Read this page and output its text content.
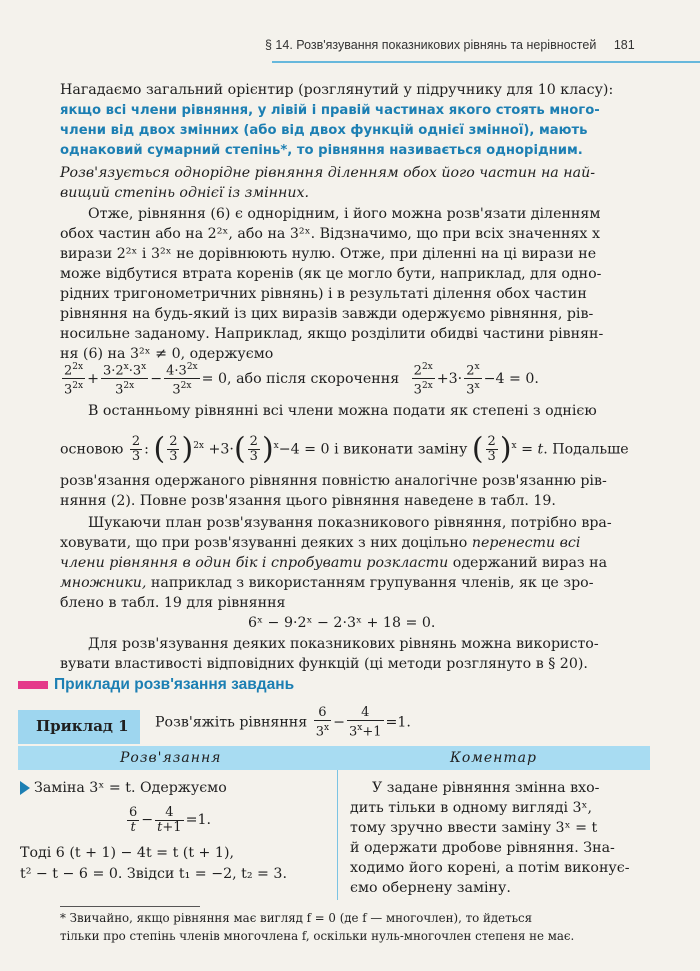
§ 14. Розв'язування показникових рівнянь та нерівностей 181
Нагадаємо загальний орієнтир (розглянутий у підручнику для 10 класу):
якщо всі члени рівняння, у лівій і правій частинах якого стоять много-
члени від двох змінних (або від двох функцій однієї змінної), мають
однаковий сумарний степінь*, то рівняння називається однорідним.
Розв'язується однорідне рівняння діленням обох його частин на най-
вищий степінь однієї із змінних.
Отже, рівняння (6) є однорідним, і його можна розв'язати діленням
обох частин або на 2²ˣ, або на 3²ˣ. Відзначимо, що при всіх значеннях x
вирази 2²ˣ і 3²ˣ не дорівнюють нулю. Отже, при діленні на ці вирази не
може відбутися втрата коренів (як це могло бути, наприклад, для одно-
рідних тригонометричних рівнянь) і в результаті ділення обох частин
рівняння на будь-який із цих виразів завжди одержуємо рівняння, рів-
носильне заданому. Наприклад, якщо розділити обидві частини рівнян-
ня (6) на 3²ˣ ≠ 0, одержуємо
$\frac{2^{2x}}{3^{2x}} + \frac{3\cdot 2^x\cdot 3^x}{3^{2x}} - \frac{4\cdot 3^{2x}}{3^{2x}} = 0$, або після скорочення $\frac{2^{2x}}{3^{2x}} +3\cdot \frac{2^x}{3^x} -4 = 0$.
В останньому рівнянні всі члени можна подати як степені з однією
основою $\frac{2}{3}$ : ( $\frac{2}{3} )^{2x} +3\cdot( \frac{2}{3} )^x-4 = 0$ і виконати заміну ( $\frac{2}{3} )^x = t$. Подальше
розв'язання одержаного рівняння повністю аналогічне розв'язанню рів-
няння (2). Повне розв'язання цього рівняння наведене в табл. 19.
Шукаючи план розв'язування показникового рівняння, потрібно вра-
ховувати, що при розв'язуванні деяких з них доцільно перенести всі
члени рівняння в один бік і спробувати розкласти одержаний вираз на
множники, наприклад з використанням групування членів, як це зро-
блено в табл. 19 для рівняння
6ˣ − 9·2ˣ − 2·3ˣ + 18 = 0.
Для розв'язування деяких показникових рівнянь можна використо-
вувати властивості відповідних функцій (ці методи розглянуто в § 20).
Приклади розв'язання завдань
Приклад 1 Розв'яжіть рівняння $\frac{6}{3^x} - \frac{4}{3^x+1} =1$.
Розв'язання	Коментар
Заміна 3ˣ = t. Одержуємо
$\frac{6}{t} - \frac{4}{t+1} =1$.
Тоді 6 (t + 1) − 4t = t (t + 1),
t² − t − 6 = 0. Звідси t₁ = −2, t₂ = 3.
У задане рівняння змінна вхо-
дить тільки в одному вигляді 3ˣ,
тому зручно ввести заміну 3ˣ = t
й одержати дробове рівняння. Зна-
ходимо його корені, а потім виконує-
ємо обернену заміну.
* Звичайно, якщо рівняння має вигляд f = 0 (де f — многочлен), то йдеться
тільки про степінь членів многочлена f, оскільки нуль-многочлен степеня не має.
